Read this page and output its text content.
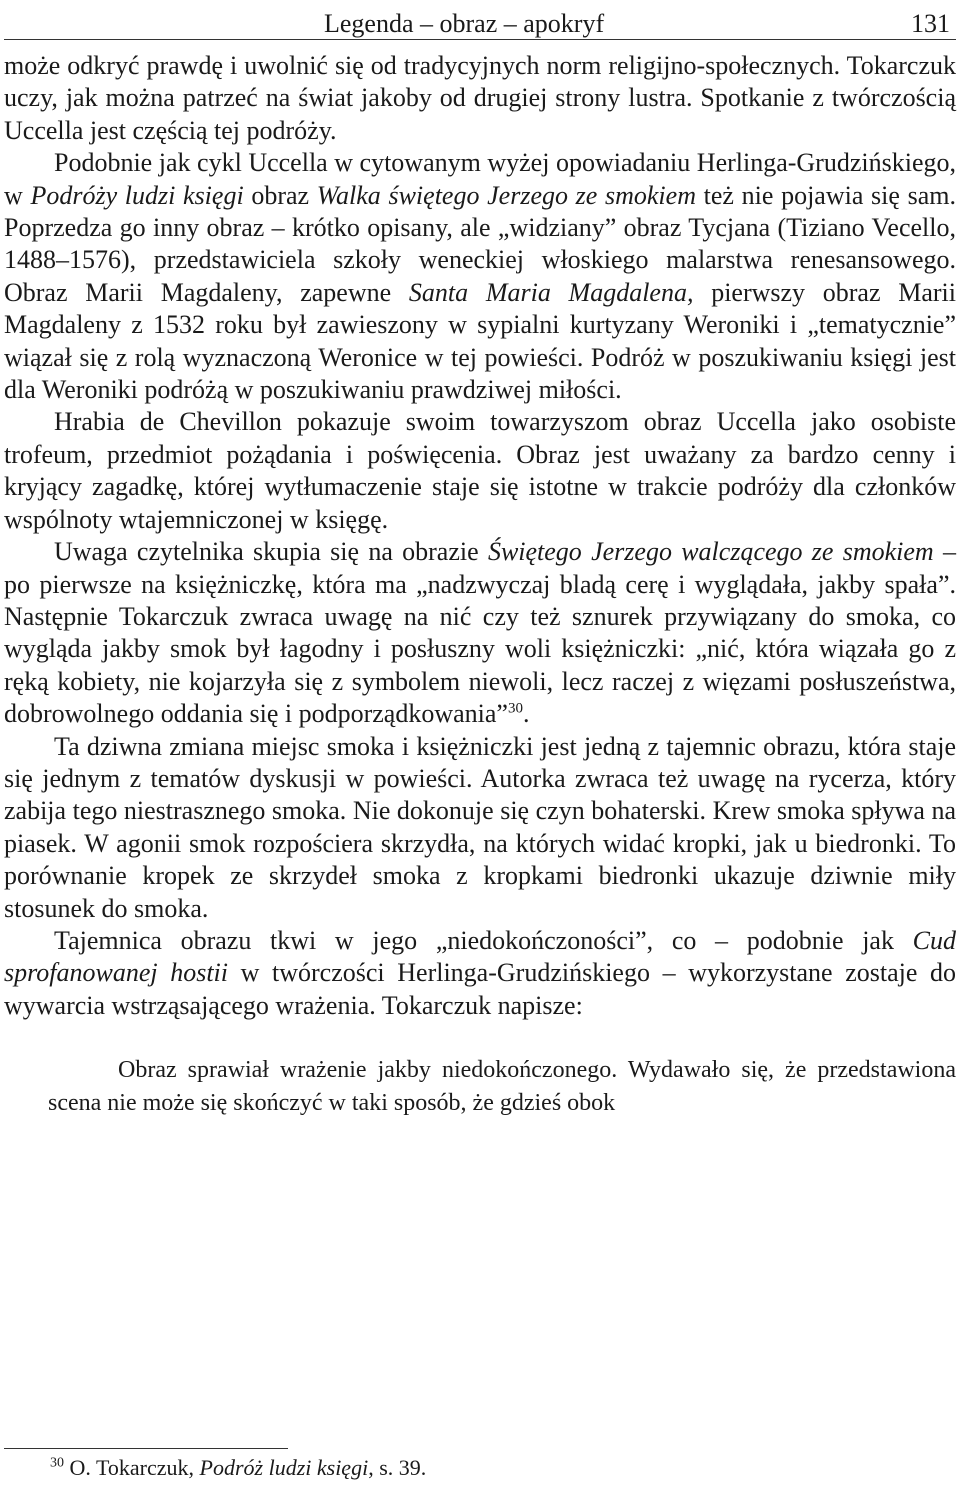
Legenda – obraz – apokryf	131

może odkryć prawdę i uwolnić się od tradycyjnych norm religijno-społecznych. Tokarczuk uczy, jak można patrzeć na świat jakoby od drugiej strony lustra. Spotkanie z twórczością Uccella jest częścią tej podróży.

Podobnie jak cykl Uccella w cytowanym wyżej opowiadaniu Herlinga-Grudzińskiego, w Podróży ludzi księgi obraz Walka świętego Jerzego ze smokiem też nie pojawia się sam. Poprzedza go inny obraz – krótko opisany, ale „widziany” obraz Tycjana (Tiziano Vecello, 1488–1576), przedstawiciela szkoły weneckiej włoskiego malarstwa renesansowego. Obraz Marii Magdaleny, zapewne Santa Maria Magdalena, pierwszy obraz Marii Magdaleny z 1532 roku był zawieszony w sypialni kurtyzany Weroniki i „tematycznie” wiązał się z rolą wyznaczoną Weronice w tej powieści. Podróż w poszukiwaniu księgi jest dla Weroniki podróżą w poszukiwaniu prawdziwej miłości.

Hrabia de Chevillon pokazuje swoim towarzyszom obraz Uccella jako osobiste trofeum, przedmiot pożądania i poświęcenia. Obraz jest uważany za bardzo cenny i kryjący zagadkę, której wytłumaczenie staje się istotne w trakcie podróży dla członków wspólnoty wtajemniczonej w księgę.

Uwaga czytelnika skupia się na obrazie Świętego Jerzego walczącego ze smokiem – po pierwsze na księżniczkę, która ma „nadzwyczaj bladą cerę i wyglądała, jakby spała”. Następnie Tokarczuk zwraca uwagę na nić czy też sznurek przywiązany do smoka, co wygląda jakby smok był łagodny i posłuszny woli księżniczki: „nić, która wiązała go z ręką kobiety, nie kojarzyła się z symbolem niewoli, lecz raczej z więzami posłuszeństwa, dobrowolnego oddania się i podporządkowania”$^{30}$.

Ta dziwna zmiana miejsc smoka i księżniczki jest jedną z tajemnic obrazu, która staje się jednym z tematów dyskusji w powieści. Autorka zwraca też uwagę na rycerza, który zabija tego niestrasznego smoka. Nie dokonuje się czyn bohaterski. Krew smoka spływa na piasek. W agonii smok rozpościera skrzydła, na których widać kropki, jak u biedronki. To porównanie kropek ze skrzydeł smoka z kropkami biedronki ukazuje dziwnie miły stosunek do smoka.

Tajemnica obrazu tkwi w jego „niedokończoności”, co – podobnie jak Cud sprofanowanej hostii w twórczości Herlinga-Grudzińskiego – wykorzystane zostaje do wywarcia wstrząsającego wrażenia. Tokarczuk napisze:

Obraz sprawiał wrażenie jakby niedokończonego. Wydawało się, że przedstawiona scena nie może się skończyć w taki sposób, że gdzieś obok

$^{30}$ O. Tokarczuk, Podróż ludzi księgi, s. 39.
